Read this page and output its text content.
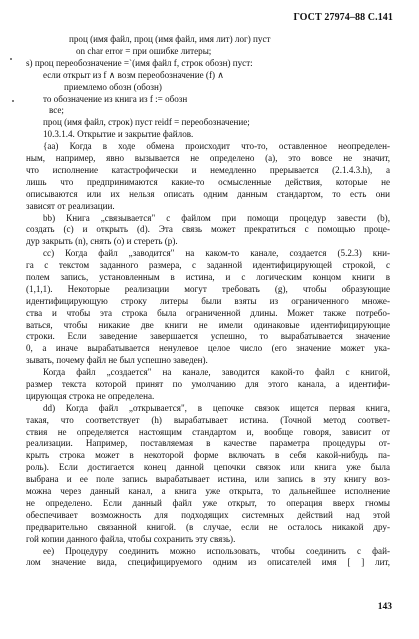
ГОСТ 27974–88 С.141
проц (имя файл, проц (имя файл, имя лит) лог) пуст
on char error = при ошибке литеры;
s) проц переобозначение =`(имя файл f, строк обозн) пуст:
если открыт из f ∧ возм переобозначение (f) ∧
приемлемо обозн (обозн)
то обозначение из книга из f := обозн
все;
проц (имя файл, строк) пуст reidf = переобозначение;
10.3.1.4. Открытие и закрытие файлов.
{aa) Когда в ходе обмена происходит что-то, оставленное неопределен-
ным, например, явно вызывается не определено (а), это вовсе не значит,
что исполнение катастрофически и немедленно прерывается (2.1.4.3.h), а
лишь что предпринимаются какие-то осмысленные действия, которые не
описываются или их нельзя описать одним данным стандартом, то есть они
зависят от реализации.
bb) Книга „связывается" с файлом при помощи процедур завести (b),
создать (с) и открыть (d). Эта связь может прекратиться с помощью проце-
дур закрыть (n), снять (о) и стереть (р).
cc) Когда файл „заводится" на каком-то канале, создается (5.2.3) кни-
га с текстом заданного размера, с заданной идентифицирующей строкой, с
полем запись, установленным в истина, и с логическим концом книги в
(1,1,1). Некоторые реализации могут требовать (g), чтобы образующие
идентифицирующую строку литеры были взяты из ограниченного множе-
ства и чтобы эта строка была ограниченной длины. Может также потребо-
ваться, чтобы никакие две книги не имели одинаковые идентифицирующие
строки. Если заведение завершается успешно, то вырабатывается значение
0, а иначе вырабатывается ненулевое целое число (его значение может ука-
зывать, почему файл не был успешно заведен).
Когда файл „создается" на канале, заводится какой-то файл с книгой,
размер текста которой принят по умолчанию для этого канала, а идентифи-
цирующая строка не определена.
dd) Когда файл „открывается", в цепочке связок ищется первая книга,
такая, что соответствует (h) вырабатывает истина. (Точной метод соответ-
ствия не определяется настоящим стандартом и, вообще говоря, зависит от
реализации. Например, поставляемая в качестве параметра процедуры от-
крыть строка может в некоторой форме включать в себя какой-нибудь па-
роль). Если достигается конец данной цепочки связок или книга уже была
выбрана и ее поле запись вырабатывает истина, или запись в эту книгу воз-
можна через данный канал, а книга уже открыта, то дальнейшее исполнение
не определено. Если данный файл уже открыт, то операция вверх гномы
обеспечивает возможность для подходящих системных действий над этой
предварительно связанной книгой. (в случае, если не осталось никакой дру-
гой копии данного файла, чтобы сохранить эту связь).
ее) Процедуру соединить можно использовать, чтобы соединить с фай-
лом значение вида, специфицируемого одним из описателей имя [ ] лит,
143
